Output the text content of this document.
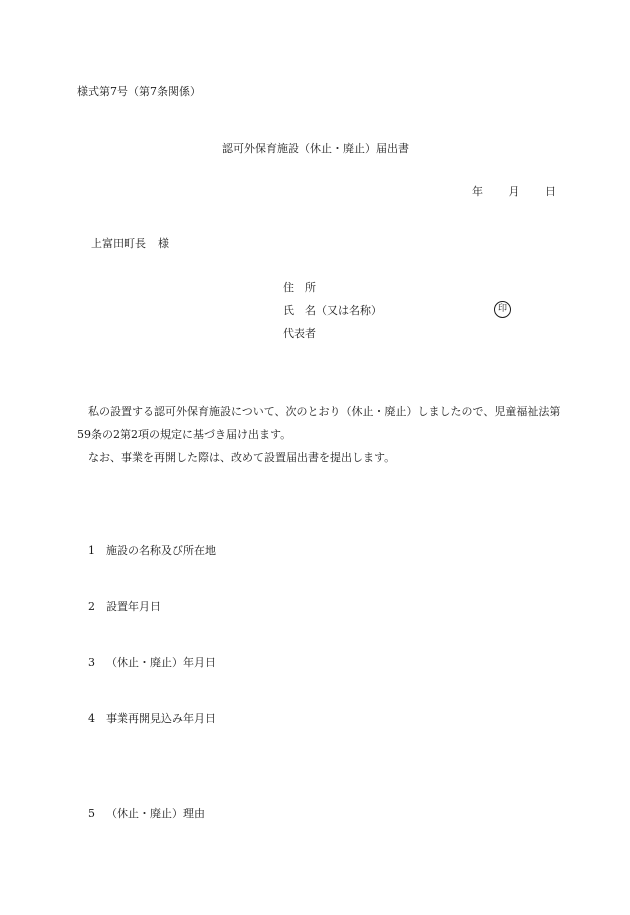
様式第7号（第7条関係）
認可外保育施設（休止・廃止）届出書
年 月 日
上富田町長 様
住　所
氏　名（又は名称）
代表者
印

私の設置する認可外保育施設について、次のとおり（休止・廃止）しましたので、児童福祉法第59条の2第2項の規定に基づき届け出ます。

なお、事業を再開した際は、改めて設置届出書を提出します。

1 施設の名称及び所在地
2 設置年月日
3 （休止・廃止）年月日
4 事業再開見込み年月日
5 （休止・廃止）理由
